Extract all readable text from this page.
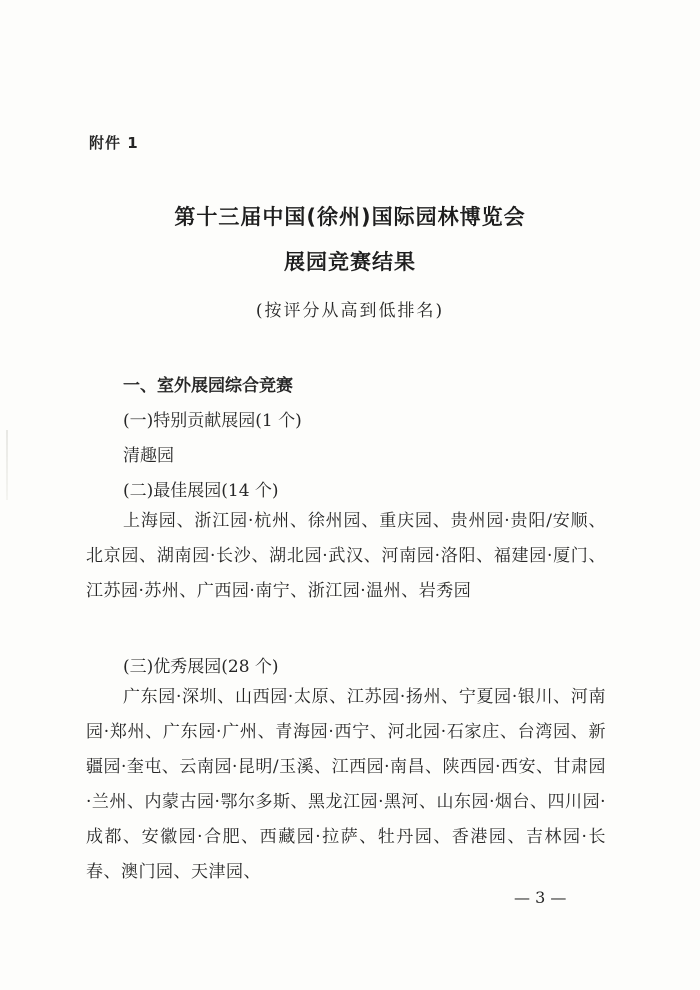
附件 1
第十三届中国(徐州)国际园林博览会
展园竞赛结果
(按评分从高到低排名)
一、室外展园综合竞赛
(一)特别贡献展园(1 个)
清趣园
(二)最佳展园(14 个)
上海园、浙江园·杭州、徐州园、重庆园、贵州园·贵阳/安顺、北京园、湖南园·长沙、湖北园·武汉、河南园·洛阳、福建园·厦门、江苏园·苏州、广西园·南宁、浙江园·温州、岩秀园
(三)优秀展园(28 个)
广东园·深圳、山西园·太原、江苏园·扬州、宁夏园·银川、河南园·郑州、广东园·广州、青海园·西宁、河北园·石家庄、台湾园、新疆园·奎屯、云南园·昆明/玉溪、江西园·南昌、陕西园·西安、甘肃园·兰州、内蒙古园·鄂尔多斯、黑龙江园·黑河、山东园·烟台、四川园·成都、安徽园·合肥、西藏园·拉萨、牡丹园、香港园、吉林园·长春、澳门园、天津园、
— 3 —
